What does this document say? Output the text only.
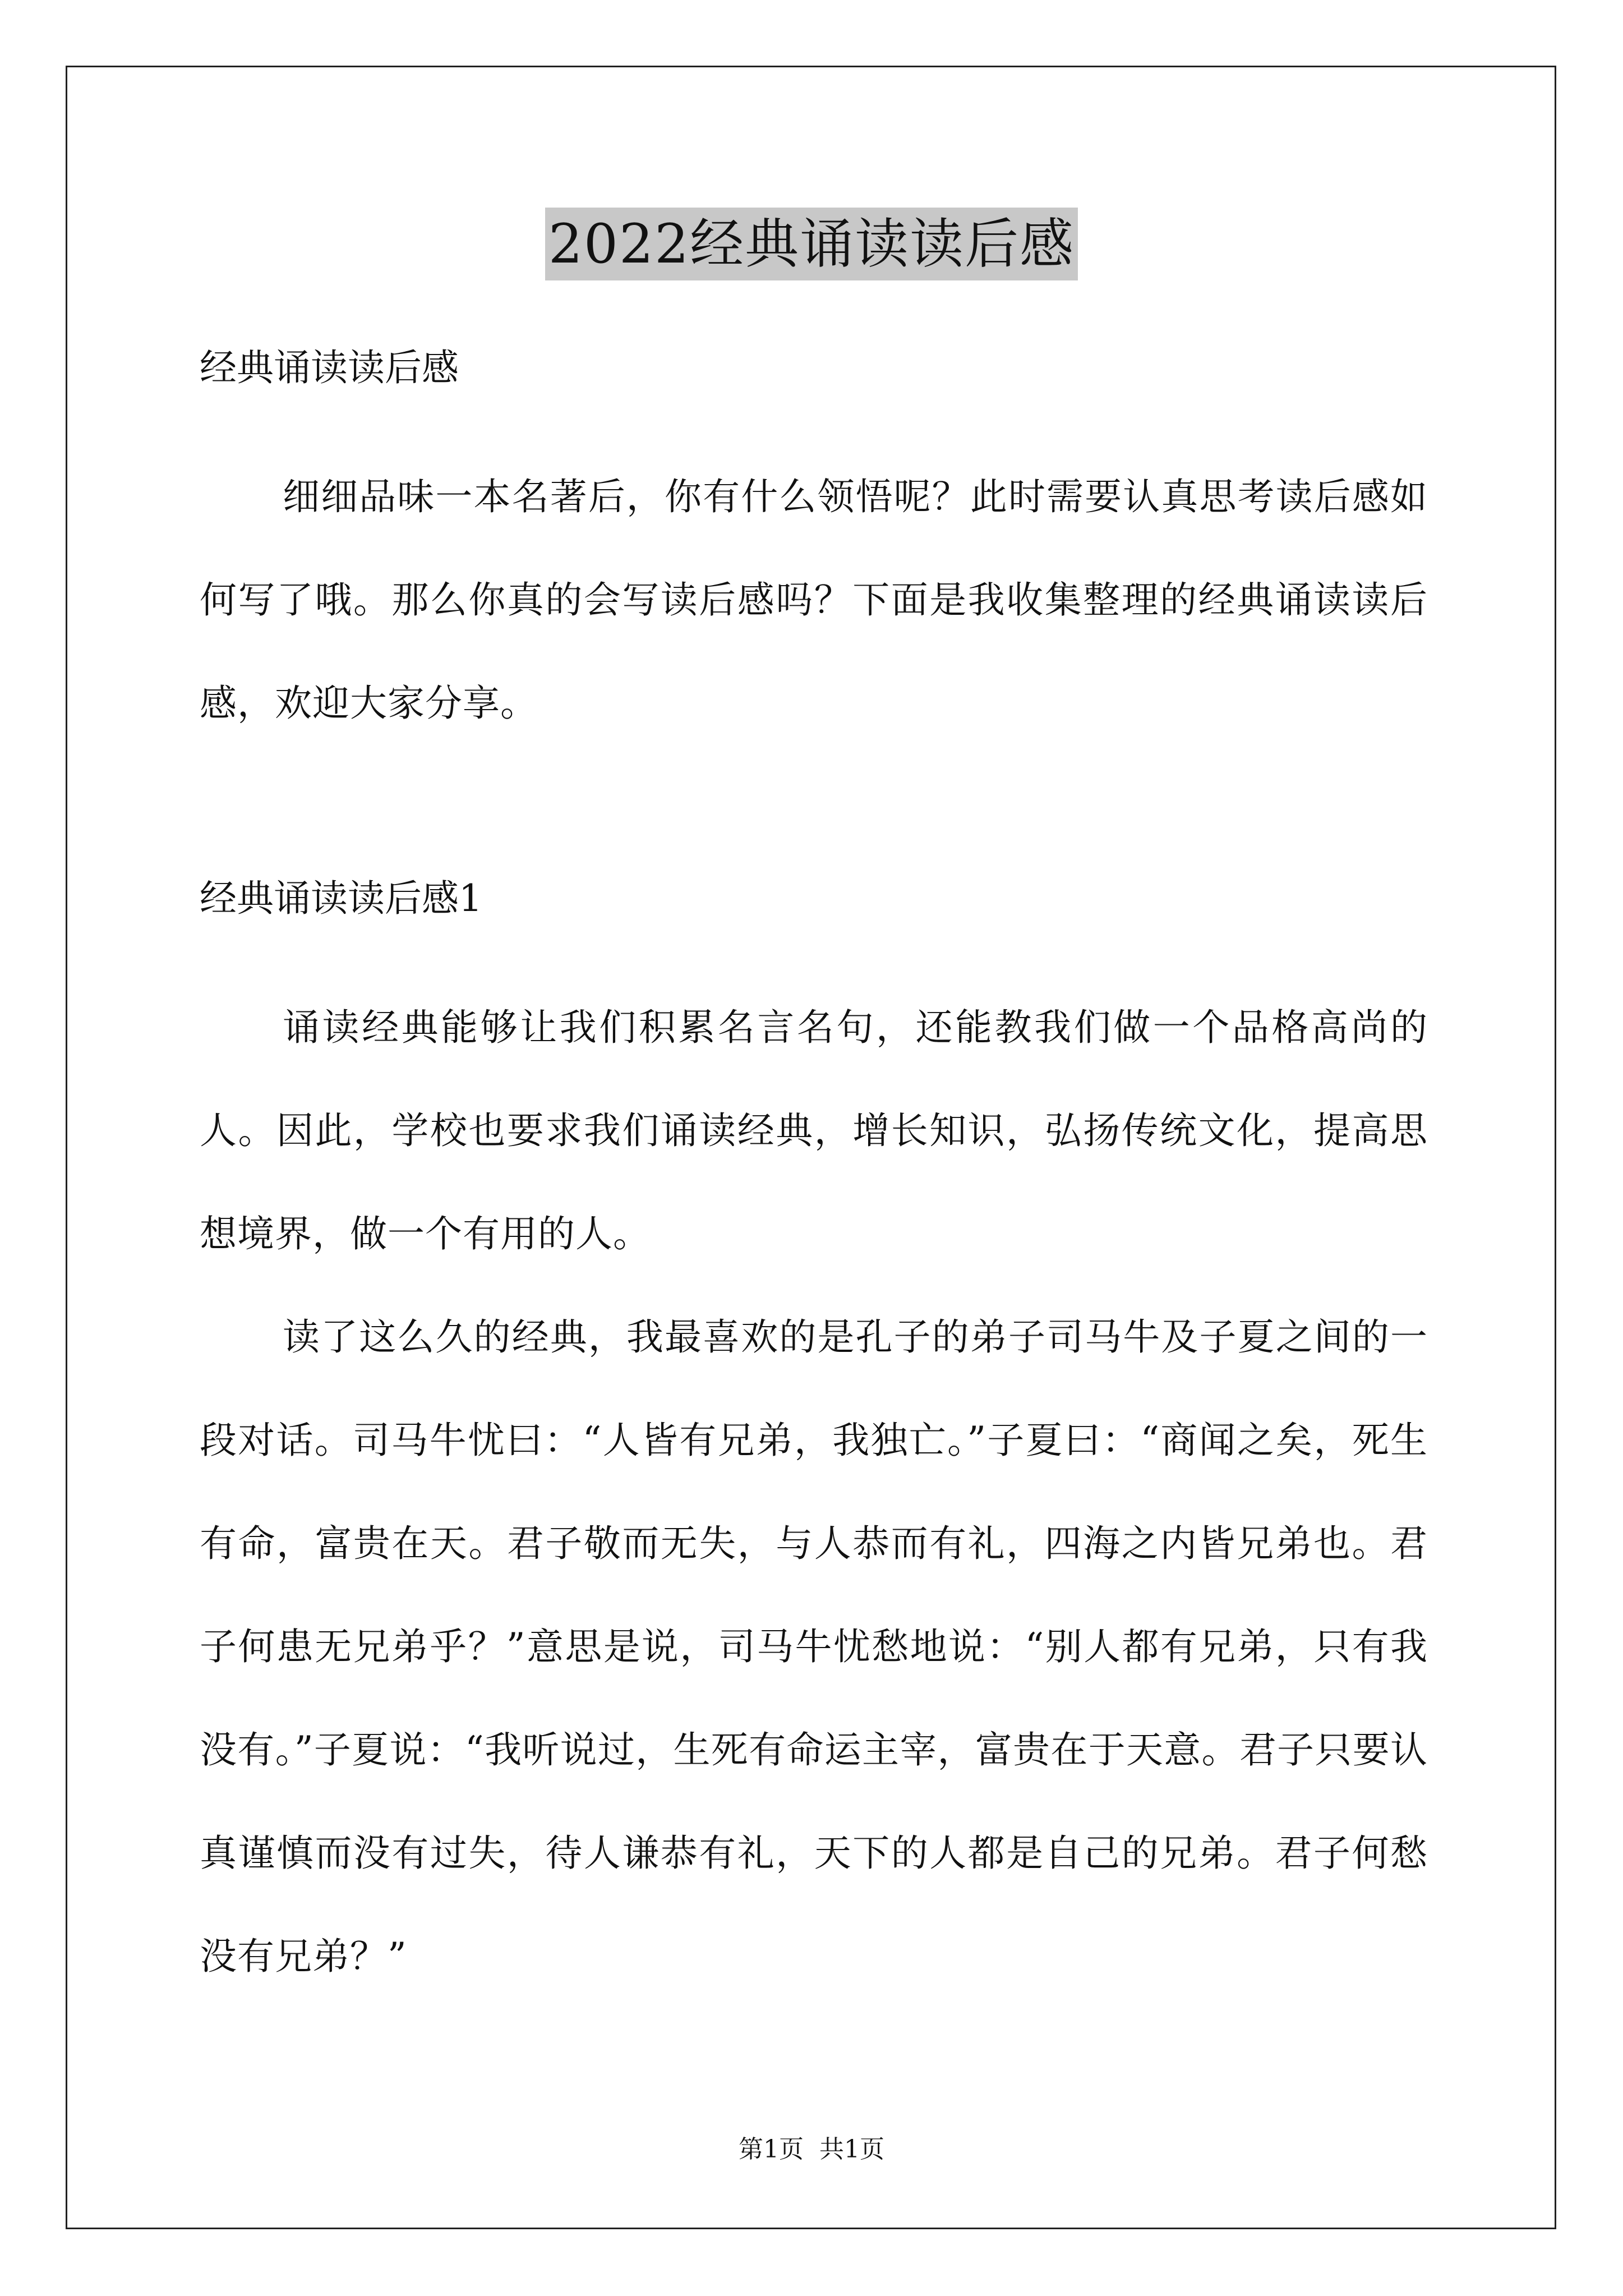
2022经典诵读读后感

经典诵读读后感

细细品味一本名著后，你有什么领悟呢？此时需要认真思考读后感如何写了哦。那么你真的会写读后感吗？下面是我收集整理的经典诵读读后感，欢迎大家分享。

经典诵读读后感1

诵读经典能够让我们积累名言名句，还能教我们做一个品格高尚的人。因此，学校也要求我们诵读经典，增长知识，弘扬传统文化，提高思想境界，做一个有用的人。

读了这么久的经典，我最喜欢的是孔子的弟子司马牛及子夏之间的一段对话。司马牛忧曰：“人皆有兄弟，我独亡。”子夏曰：“商闻之矣，死生有命，富贵在天。君子敬而无失，与人恭而有礼，四海之内皆兄弟也。君子何患无兄弟乎？”意思是说，司马牛忧愁地说：“别人都有兄弟，只有我没有。”子夏说：“我听说过，生死有命运主宰，富贵在于天意。君子只要认真谨慎而没有过失，待人谦恭有礼，天下的人都是自己的兄弟。君子何愁没有兄弟？”

第1页 共1页
